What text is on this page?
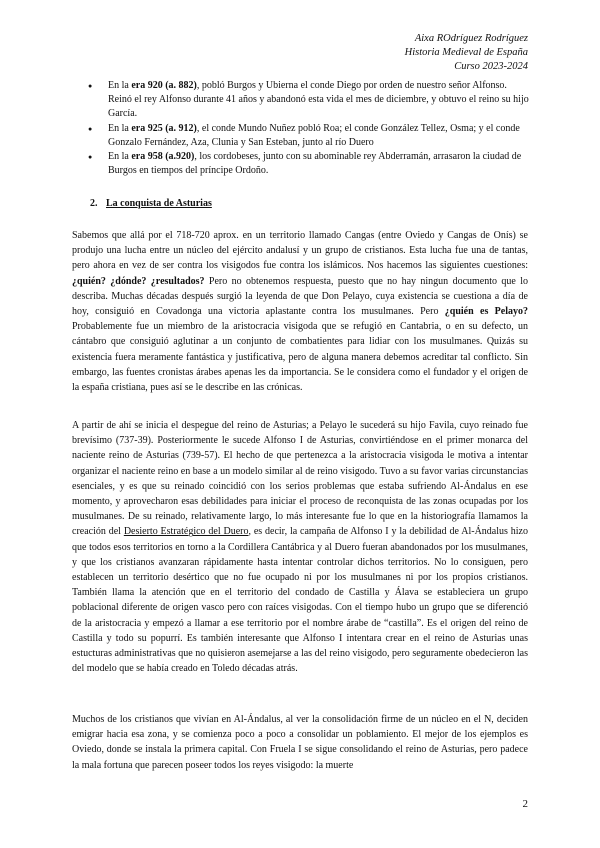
Aixa ROdríguez Rodríguez
Historia Medieval de España
Curso 2023-2024
● En la era 920 (a. 882), pobló Burgos y Ubierna el conde Diego por orden de nuestro señor Alfonso. Reinó el rey Alfonso durante 41 años y abandonó esta vida el mes de diciembre, y obtuvo el reino su hijo García.
● En la era 925 (a. 912), el conde Mundo Nuñez pobló Roa; el conde González Tellez, Osma; y el conde Gonzalo Fernández, Aza, Clunia y San Esteban, junto al río Duero
● En la era 958 (a.920), los cordobeses, junto con su abominable rey Abderramán, arrasaron la ciudad de Burgos en tiempos del príncipe Ordoño.
2. La conquista de Asturias

Sabemos que allá por el 718-720 aprox. en un territorio llamado Cangas (entre Oviedo y Cangas de Onís) se produjo una lucha entre un núcleo del ejército andalusí y un grupo de cristianos. Esta lucha fue una de tantas, pero ahora en vez de ser contra los visigodos fue contra los islámicos. Nos hacemos las siguientes cuestiones: ¿quién? ¿dónde? ¿resultados? Pero no obtenemos respuesta, puesto que no hay ningun documento que lo describa. Muchas décadas después surgió la leyenda de que Don Pelayo, cuya existencia se cuestiona a día de hoy, consiguió en Covadonga una victoria aplastante contra los musulmanes. Pero ¿quién es Pelayo? Probablemente fue un miembro de la aristocracia visigoda que se refugió en Cantabria, o en su defecto, un cántabro que consiguió aglutinar a un conjunto de combatientes para lidiar con los musulmanes. Quizás su existencia fuera meramente fantástica y justificativa, pero de alguna manera debemos acreditar tal conflicto. Sin embargo, las fuentes cronistas árabes apenas les da importancia. Se le considera como el fundador y el origen de la españa cristiana, pues así se le describe en las crónicas.

A partir de ahí se inicia el despegue del reino de Asturias; a Pelayo le sucederá su hijo Favila, cuyo reinado fue brevísimo (737-39). Posteriormente le sucede Alfonso I de Asturias, convirtiéndose en el primer monarca del naciente reino de Asturias (739-57). El hecho de que pertenezca a la aristocracia visigoda le motiva a intentar organizar el naciente reino en base a un modelo similar al de reino visigodo. Tuvo a su favor varias circunstancias esenciales, y es que su reinado coincidió con los serios problemas que estaba sufriendo Al-Ándalus en ese momento, y aprovecharon esas debilidades para iniciar el proceso de reconquista de las zonas ocupadas por los musulmanes. De su reinado, relativamente largo, lo más interesante fue lo que en la historiografía llamamos la creación del Desierto Estratégico del Duero, es decir, la campaña de Alfonso I y la debilidad de Al-Ándalus hizo que todos esos territorios en torno a la Cordillera Cantábrica y al Duero fueran abandonados por los musulmanes, y que los cristianos avanzaran rápidamente hasta intentar controlar dichos territorios. No lo consiguen, pero establecen un territorio desértico que no fue ocupado ni por los musulmanes ni por los propios cristianos. También llama la atención que en el territorio del condado de Castilla y Álava se estableciera un grupo poblacional diferente de origen vasco pero con raíces visigodas. Con el tiempo hubo un grupo que se diferenció de la aristocracia y empezó a llamar a ese territorio por el nombre árabe de “castilla”. Es el origen del reino de Castilla y todo su popurrí. Es también interesante que Alfonso I intentara crear en el reino de Asturias unas estucturas administrativas que no quisieron asemejarse a las del reino visigodo, pero seguramente obedecieron las del modelo que se había creado en Toledo décadas atrás.

Muchos de los cristianos que vivían en Al-Ándalus, al ver la consolidación firme de un núcleo en el N, deciden emigrar hacia esa zona, y se comienza poco a poco a consolidar un poblamiento. El mejor de los ejemplos es Oviedo, donde se instala la primera capital. Con Fruela I se sigue consolidando el reino de Asturias, pero padece la mala fortuna que parecen poseer todos los reyes visigodo: la muerte

2
